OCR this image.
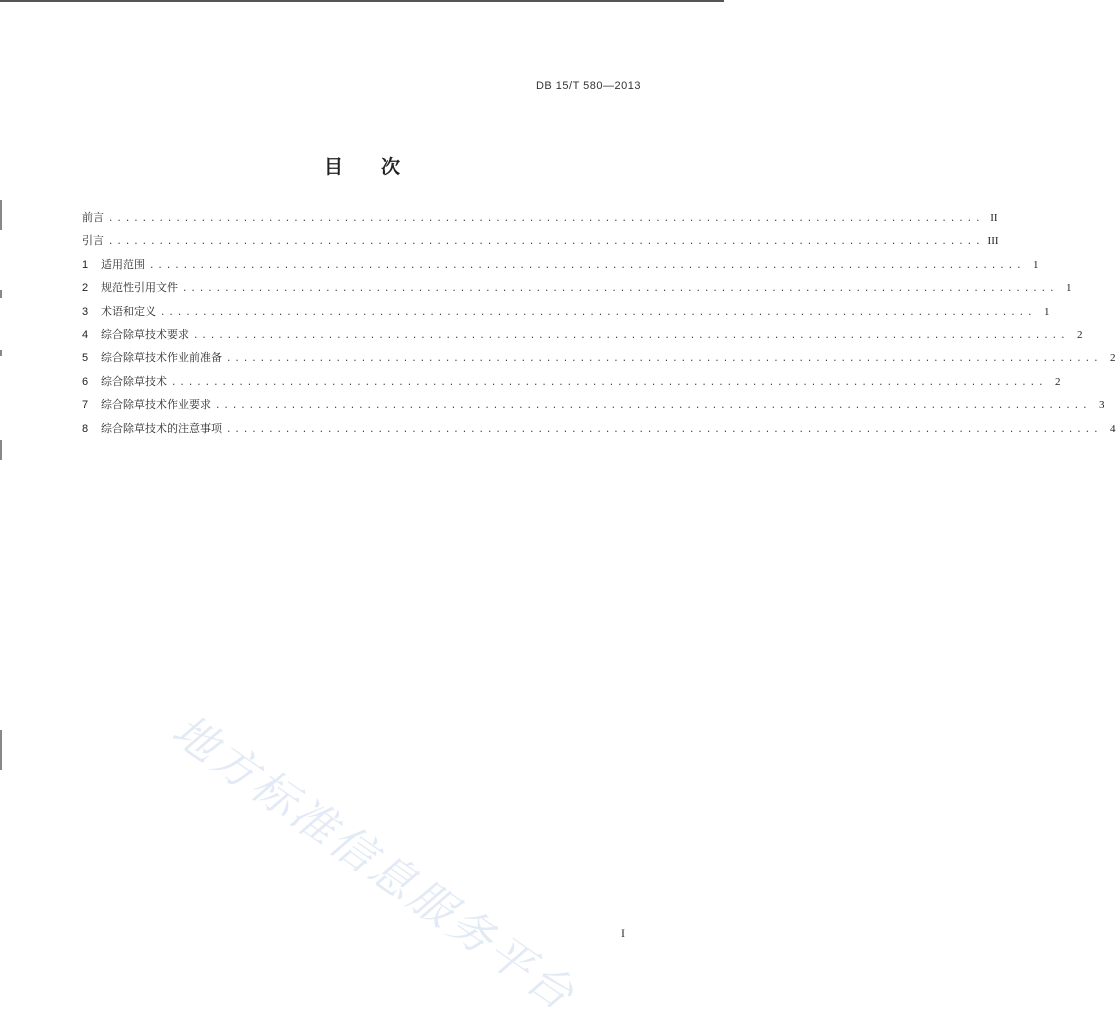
DB 15/T 580—2013
目次
前言 ........................................................................................................ II
引言 ........................................................................................................ III
1	适用范围 ........................................................................................................ 1
2	规范性引用文件 ........................................................................................................ 1
3	术语和定义 ........................................................................................................ 1
4	综合除草技术要求 ........................................................................................................ 2
5	综合除草技术作业前准备 ........................................................................................................ 2
6	综合除草技术 ........................................................................................................ 2
7	综合除草技术作业要求 ........................................................................................................ 3
8	综合除草技术的注意事项 ........................................................................................................ 4
地方标准信息服务平台	I
